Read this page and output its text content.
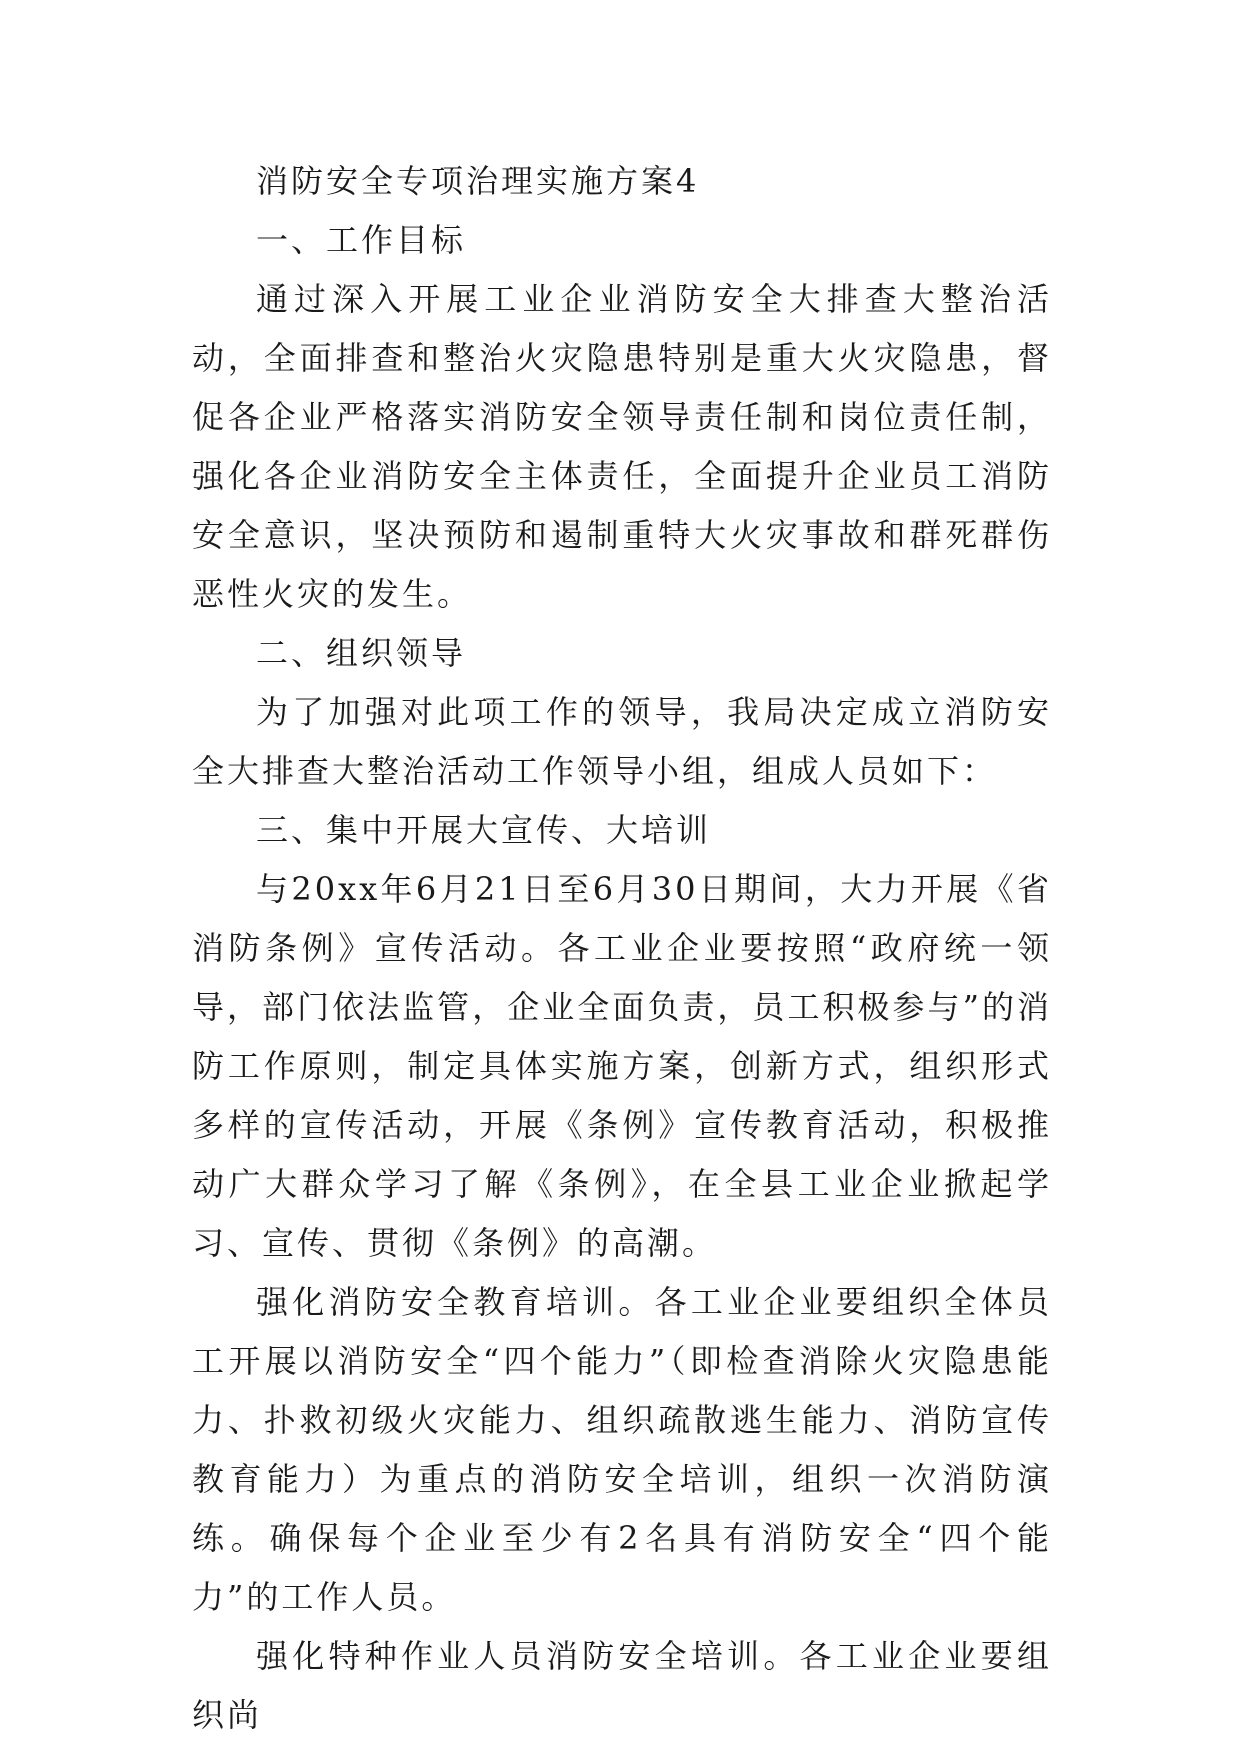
消防安全专项治理实施方案4

一、工作目标

通过深入开展工业企业消防安全大排查大整治活动，全面排查和整治火灾隐患特别是重大火灾隐患，督促各企业严格落实消防安全领导责任制和岗位责任制，强化各企业消防安全主体责任，全面提升企业员工消防安全意识，坚决预防和遏制重特大火灾事故和群死群伤恶性火灾的发生。

二、组织领导

为了加强对此项工作的领导，我局决定成立消防安全大排查大整治活动工作领导小组，组成人员如下：

三、集中开展大宣传、大培训

与20xx年6月21日至6月30日期间，大力开展《省消防条例》宣传活动。各工业企业要按照“政府统一领导，部门依法监管，企业全面负责，员工积极参与”的消防工作原则，制定具体实施方案，创新方式，组织形式多样的宣传活动，开展《条例》宣传教育活动，积极推动广大群众学习了解《条例》，在全县工业企业掀起学习、宣传、贯彻《条例》的高潮。

强化消防安全教育培训。各工业企业要组织全体员工开展以消防安全“四个能力”（即检查消除火灾隐患能力、扑救初级火灾能力、组织疏散逃生能力、消防宣传教育能力）为重点的消防安全培训，组织一次消防演练。确保每个企业至少有2名具有消防安全“四个能力”的工作人员。

强化特种作业人员消防安全培训。各工业企业要组织尚
